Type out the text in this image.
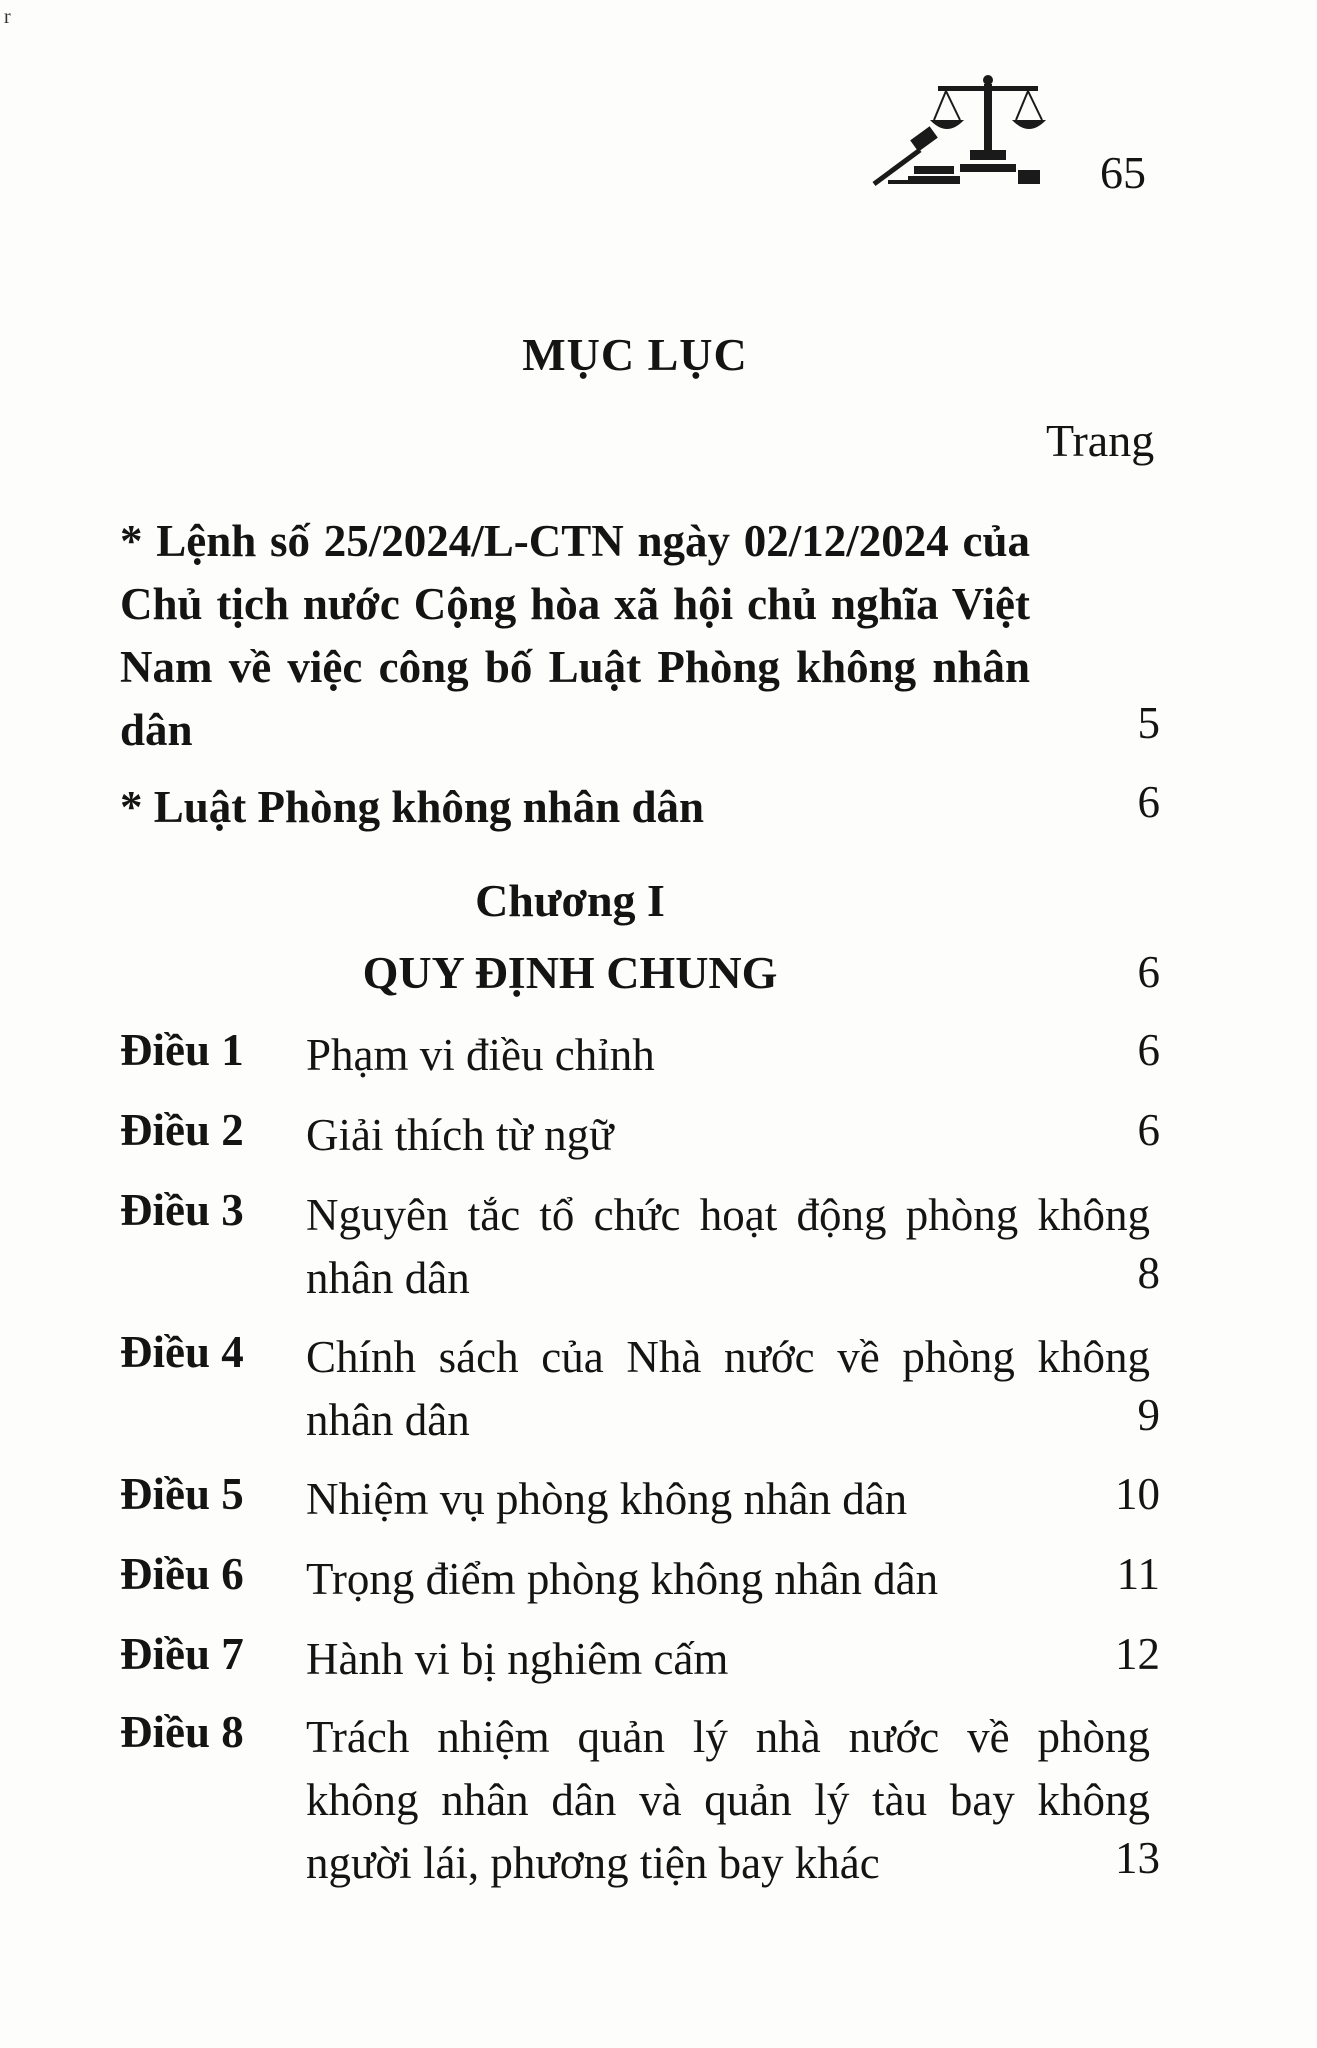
r
65
MỤC LỤC
Trang
* Lệnh số 25/2024/L-CTN ngày 02/12/2024 của Chủ tịch nước Cộng hòa xã hội chủ nghĩa Việt Nam về việc công bố Luật Phòng không nhân dân	5
* Luật Phòng không nhân dân	6
Chương I
QUY ĐỊNH CHUNG	6
Điều 1 Phạm vi điều chỉnh	6
Điều 2 Giải thích từ ngữ	6
Điều 3 Nguyên tắc tổ chức hoạt động phòng không nhân dân	8
Điều 4 Chính sách của Nhà nước về phòng không nhân dân	9
Điều 5 Nhiệm vụ phòng không nhân dân	10
Điều 6 Trọng điểm phòng không nhân dân	11
Điều 7 Hành vi bị nghiêm cấm	12
Điều 8 Trách nhiệm quản lý nhà nước về phòng không nhân dân và quản lý tàu bay không người lái, phương tiện bay khác	13
